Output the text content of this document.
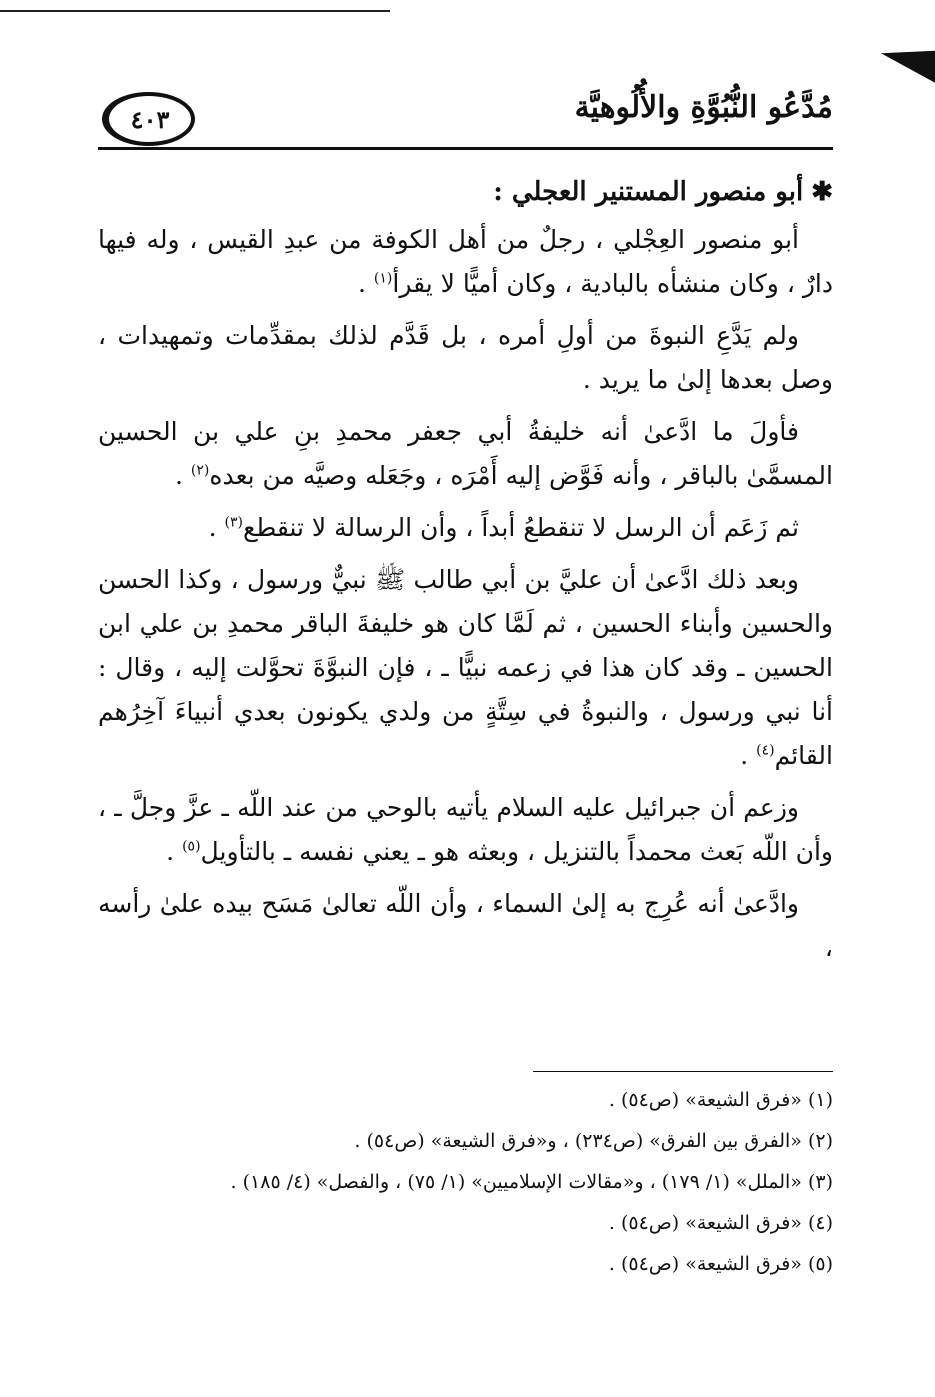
مُدَّعُو النُّبُوَّةِ والأُلُوهيَّة
٤٠٣

✱أبو منصور المستنير العجلي :

أبو منصور العِجْلي ، رجلٌ من أهل الكوفة من عبدِ القيس ، وله فيها دارٌ ، وكان منشأه بالبادية ، وكان أميًّا لا يقرأ$^{(١)}$ .

ولم يَدَّعِ النبوةَ من أولِ أمره ، بل قَدَّم لذلك بمقدِّمات وتمهيدات ، وصل بعدها إلىٰ ما يريد .

فأولَ ما ادَّعىٰ أنه خليفةُ أبي جعفر محمدِ بنِ علي بن الحسين المسمَّىٰ بالباقر ، وأنه فَوَّض إليه أَمْرَه ، وجَعَله وصيَّه من بعده$^{(٢)}$ .

ثم زَعَم أن الرسل لا تنقطعُ أبداً ، وأن الرسالة لا تنقطع$^{(٣)}$ .

وبعد ذلك ادَّعىٰ أن عليَّ بن أبي طالب ﷺ نبيٌّ ورسول ، وكذا الحسن والحسين وأبناء الحسين ، ثم لَمَّا كان هو خليفةَ الباقر محمدِ بن علي ابن الحسين ـ وقد كان هذا في زعمه نبيًّا ـ ، فإن النبوَّةَ تحوَّلت إليه ، وقال : أنا نبي ورسول ، والنبوةُ في سِتَّةٍ من ولدي يكونون بعدي أنبياءَ آخِرُهم القائم$^{(٤)}$ .

وزعم أن جبرائيل عليه السلام يأتيه بالوحي من عند اللّه ـ عزَّ وجلَّ ـ ، وأن اللّه بَعث محمداً بالتنزيل ، وبعثه هو ـ يعني نفسه ـ بالتأويل$^{(٥)}$ .

وادَّعىٰ أنه عُرِج به إلىٰ السماء ، وأن اللّه تعالىٰ مَسَح بيده علىٰ رأسه ،

(١) «فرق الشيعة» (ص٥٤) .
(٢) «الفرق بين الفرق» (ص٢٣٤) ، و«فرق الشيعة» (ص٥٤) .
(٣) «الملل» (١/ ١٧٩) ، و«مقالات الإسلاميين» (١/ ٧٥) ، والفصل» (٤/ ١٨٥) .
(٤) «فرق الشيعة» (ص٥٤) .
(٥) «فرق الشيعة» (ص٥٤) .
